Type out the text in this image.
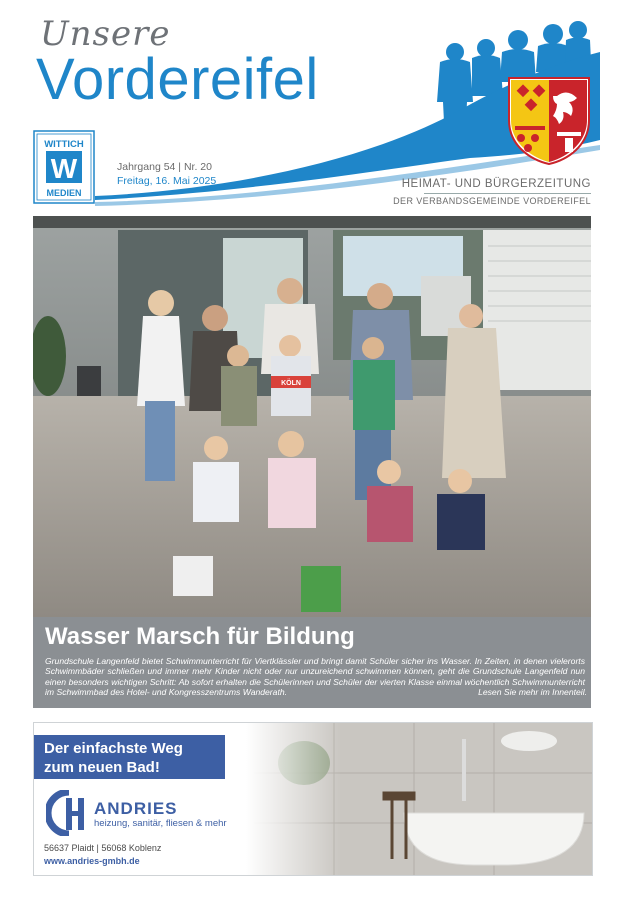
Unsere
Vordereifel
WITTICH
W
MEDIEN
Jahrgang 54 | Nr. 20
Freitag, 16. Mai 2025	HEIMAT- UND BÜRGERZEITUNG
DER VERBANDSGEMEINDE VORDEREIFEL
KÖLN
Wasser Marsch für Bildung
Grundschule Langenfeld bietet Schwimmunterricht für Viertklässler und bringt damit Schüler sicher ins Wasser. In Zeiten, in denen vielerorts Schwimmbäder schließen und immer mehr Kinder nicht oder nur unzureichend schwimmen können, geht die Grundschule Langenfeld nun einen besonders wichtigen Schritt: Ab sofort erhalten die Schülerinnen und Schüler der vierten Klasse einmal wöchentlich Schwimmunterricht im Schwimmbad des Hotel- und Kongresszentrums Wanderath.	Lesen Sie mehr im Innenteil.
Der einfachste Weg
zum neuen Bad!
ANDRIES
heizung, sanitär, fliesen & mehr
56637 Plaidt | 56068 Koblenz
www.andries-gmbh.de
